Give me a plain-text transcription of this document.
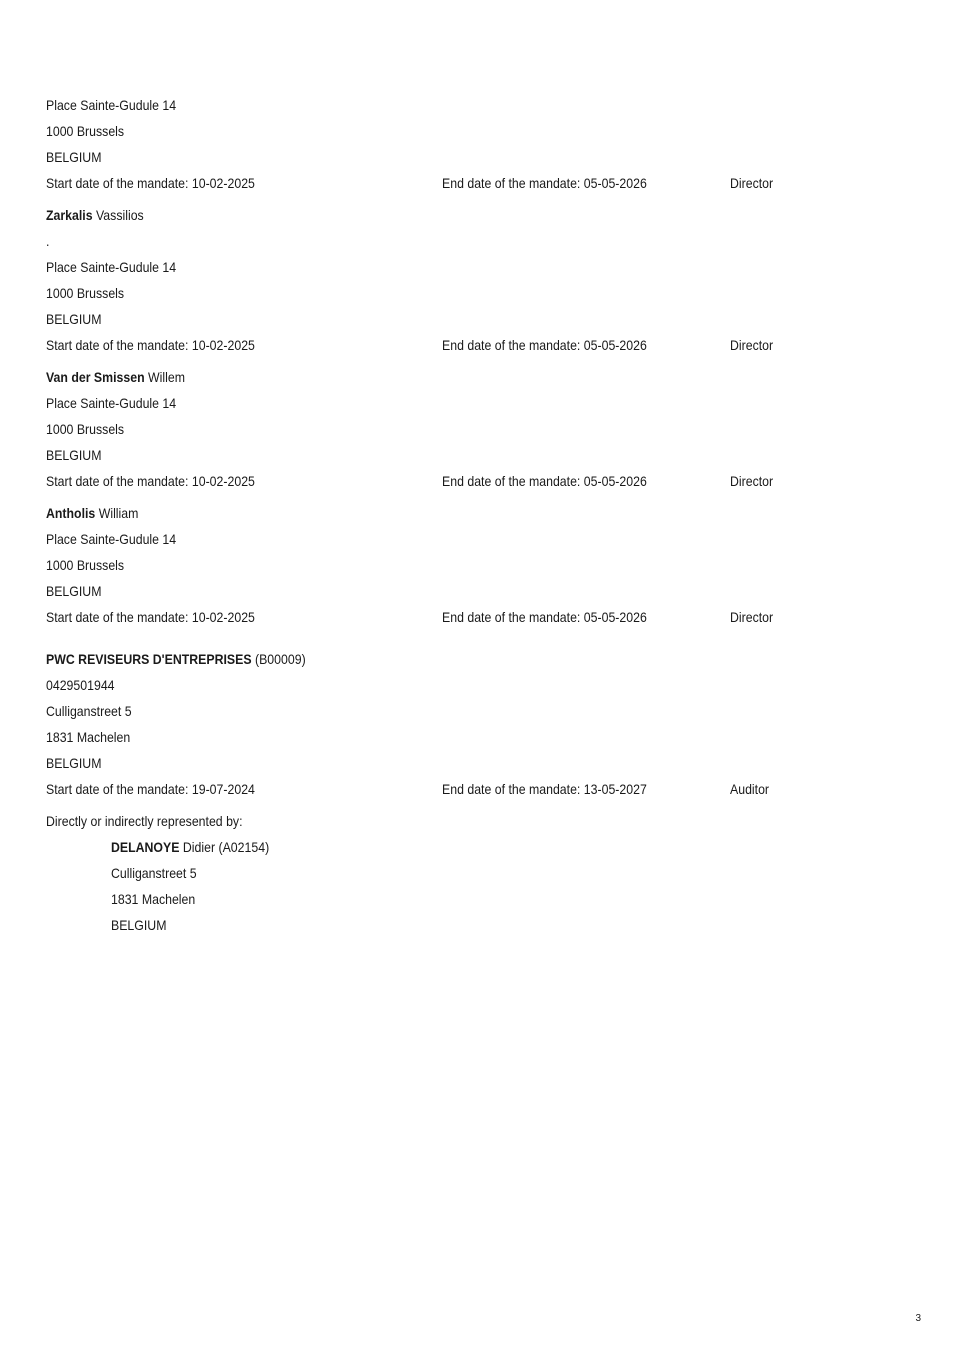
Place Sainte-Gudule 14
1000 Brussels
BELGIUM
Start date of the mandate: 10-02-2025	End date of the mandate: 05-05-2026	Director
Zarkalis Vassilios
.
Place Sainte-Gudule 14
1000 Brussels
BELGIUM
Start date of the mandate: 10-02-2025	End date of the mandate: 05-05-2026	Director
Van der Smissen Willem
Place Sainte-Gudule 14
1000 Brussels
BELGIUM
Start date of the mandate: 10-02-2025	End date of the mandate: 05-05-2026	Director
Antholis William
Place Sainte-Gudule 14
1000 Brussels
BELGIUM
Start date of the mandate: 10-02-2025	End date of the mandate: 05-05-2026	Director
PWC REVISEURS D'ENTREPRISES (B00009)
0429501944
Culliganstreet 5
1831 Machelen
BELGIUM
Start date of the mandate: 19-07-2024	End date of the mandate: 13-05-2027	Auditor
Directly or indirectly represented by:
DELANOYE Didier (A02154)
Culliganstreet 5
1831 Machelen
BELGIUM
3
